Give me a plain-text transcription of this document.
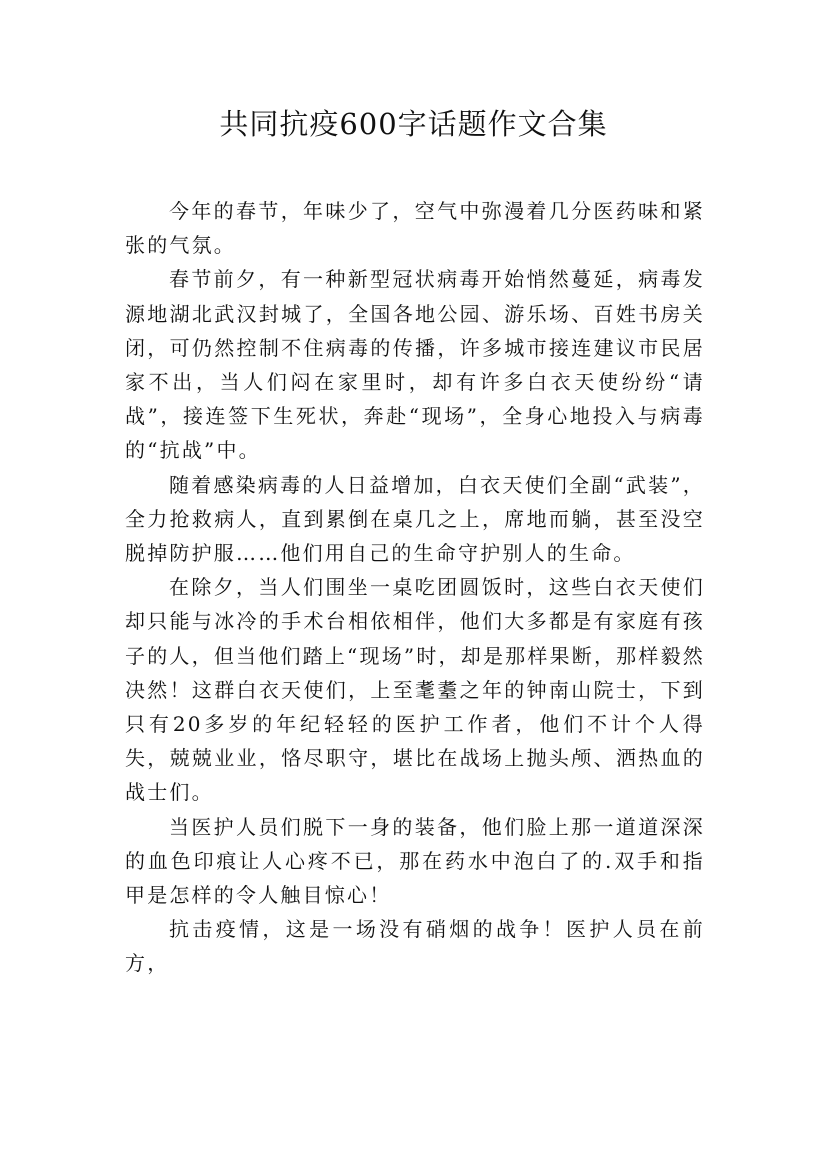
共同抗疫600字话题作文合集

今年的春节，年味少了，空气中弥漫着几分医药味和紧张的气氛。

春节前夕，有一种新型冠状病毒开始悄然蔓延，病毒发源地湖北武汉封城了，全国各地公园、游乐场、百姓书房关闭，可仍然控制不住病毒的传播，许多城市接连建议市民居家不出，当人们闷在家里时，却有许多白衣天使纷纷“请战”，接连签下生死状，奔赴“现场”，全身心地投入与病毒的“抗战”中。

随着感染病毒的人日益增加，白衣天使们全副“武装”，全力抢救病人，直到累倒在桌几之上，席地而躺，甚至没空脱掉防护服……他们用自己的生命守护别人的生命。

在除夕，当人们围坐一桌吃团圆饭时，这些白衣天使们却只能与冰冷的手术台相依相伴，他们大多都是有家庭有孩子的人，但当他们踏上“现场”时，却是那样果断，那样毅然决然！这群白衣天使们，上至耄耋之年的钟南山院士，下到只有20多岁的年纪轻轻的医护工作者，他们不计个人得失，兢兢业业，恪尽职守，堪比在战场上抛头颅、洒热血的战士们。

当医护人员们脱下一身的装备，他们脸上那一道道深深的血色印痕让人心疼不已，那在药水中泡白了的.双手和指甲是怎样的令人触目惊心！

抗击疫情，这是一场没有硝烟的战争！医护人员在前方，
